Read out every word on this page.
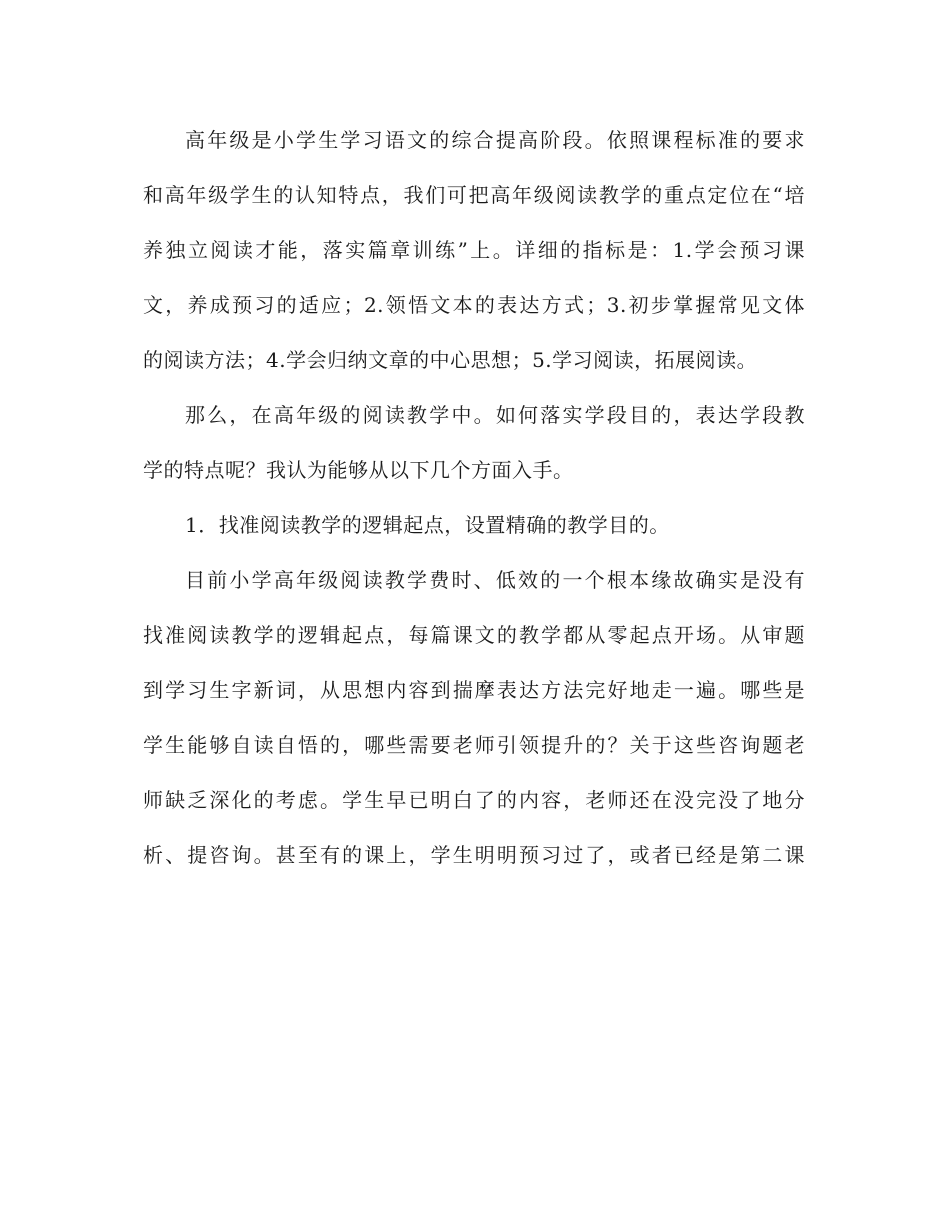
高年级是小学生学习语文的综合提高阶段。依照课程标准的要求
和高年级学生的认知特点，我们可把高年级阅读教学的重点定位在“培
养独立阅读才能，落实篇章训练”上。详细的指标是：1.学会预习课
文，养成预习的适应；2.领悟文本的表达方式；3.初步掌握常见文体
的阅读方法；4.学会归纳文章的中心思想；5.学习阅读，拓展阅读。
那么，在高年级的阅读教学中。如何落实学段目的，表达学段教
学的特点呢？我认为能够从以下几个方面入手。
1．找准阅读教学的逻辑起点，设置精确的教学目的。
目前小学高年级阅读教学费时、低效的一个根本缘故确实是没有
找准阅读教学的逻辑起点，每篇课文的教学都从零起点开场。从审题
到学习生字新词，从思想内容到揣摩表达方法完好地走一遍。哪些是
学生能够自读自悟的，哪些需要老师引领提升的？关于这些咨询题老
师缺乏深化的考虑。学生早已明白了的内容，老师还在没完没了地分
析、提咨询。甚至有的课上，学生明明预习过了，或者已经是第二课
